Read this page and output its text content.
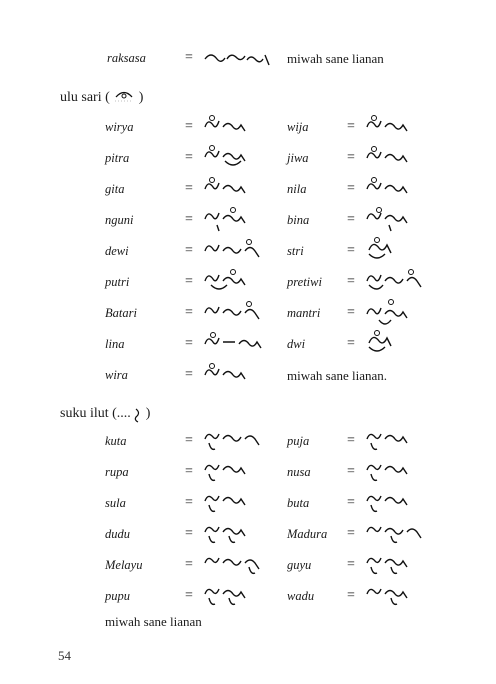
raksasa	=	miwah sane lianan
ulu sari ( )
wirya	=	wija	=
pitra	=	jiwa	=
gita	=	nila	=
nguni	=	bina	=
dewi	=	stri	=
putri	=	pretiwi =
Batari	=	mantri =
lina	=	dwi	=
wira	=	miwah sane lianan.
suku ilut (.... )
kuta	=	puja	=
rupa	=	nusa	=
sula	=	buta	=
dudu	=	Madura =
Melayu	=	guyu	=
pupu	=	wadu =
miwah sane lianan
54
